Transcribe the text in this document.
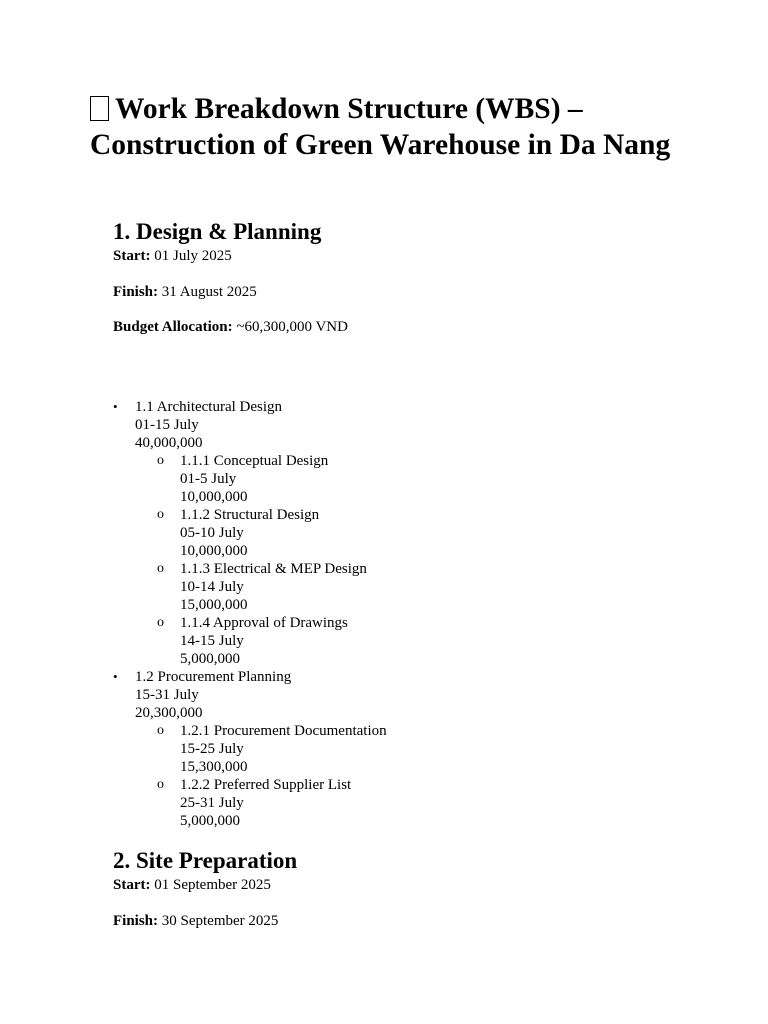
Work Breakdown Structure (WBS) – Construction of Green Warehouse in Da Nang
1. Design & Planning

Start: 01 July 2025

Finish: 31 August 2025

Budget Allocation: ~60,300,000 VND

• 1.1 Architectural Design
01-15 July
40,000,000
o 1.1.1 Conceptual Design
01-5 July
10,000,000
o 1.1.2 Structural Design
05-10 July
10,000,000
o 1.1.3 Electrical & MEP Design
10-14 July
15,000,000
o 1.1.4 Approval of Drawings
14-15 July
5,000,000
• 1.2 Procurement Planning
15-31 July
20,300,000
o 1.2.1 Procurement Documentation
15-25 July
15,300,000
o 1.2.2 Preferred Supplier List
25-31 July
5,000,000
2. Site Preparation

Start: 01 September 2025

Finish: 30 September 2025
